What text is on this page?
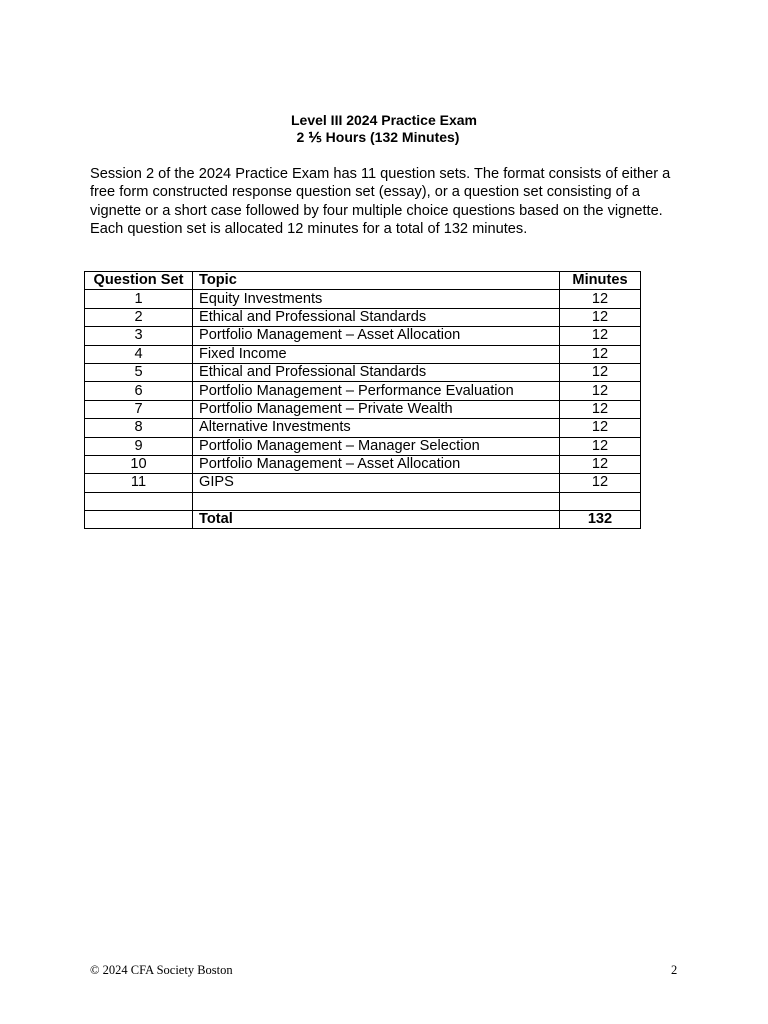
Level III 2024 Practice Exam
2 ⅕ Hours (132 Minutes)

Session 2 of the 2024 Practice Exam has 11 question sets. The format consists of either a free form constructed response question set (essay), or a question set consisting of a vignette or a short case followed by four multiple choice questions based on the vignette. Each question set is allocated 12 minutes for a total of 132 minutes.

Question Set	Topic	Minutes
1	Equity Investments	12
2	Ethical and Professional Standards	12
3	Portfolio Management – Asset Allocation	12
4	Fixed Income	12
5	Ethical and Professional Standards	12
6	Portfolio Management – Performance Evaluation	12
7	Portfolio Management – Private Wealth	12
8	Alternative Investments	12
9	Portfolio Management – Manager Selection	12
10	Portfolio Management – Asset Allocation	12
11	GIPS	12

	Total	132
© 2024 CFA Society Boston	2
